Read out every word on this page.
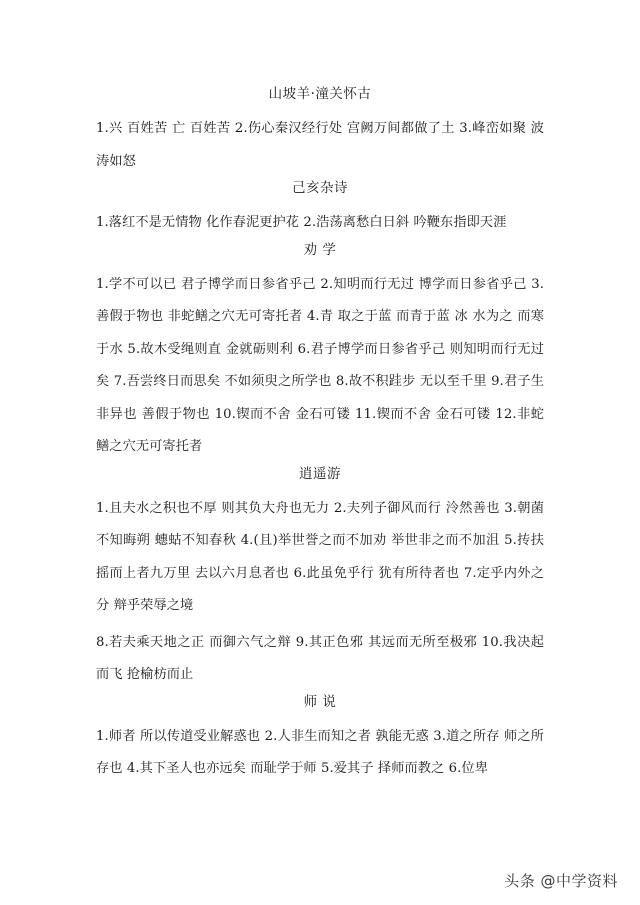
山坡羊·潼关怀古

1.兴 百姓苦 亡 百姓苦 2.伤心秦汉经行处 宫阙万间都做了土 3.峰峦如聚 波涛如怒

己亥杂诗

1.落红不是无情物 化作春泥更护花 2.浩荡离愁白日斜 吟鞭东指即天涯

劝 学

1.学不可以已 君子博学而日参省乎己 2.知明而行无过 博学而日参省乎己 3.善假于物也 非蛇鳝之穴无可寄托者 4.青 取之于蓝 而青于蓝 冰 水为之 而寒于水 5.故木受绳则直 金就砺则利 6.君子博学而日参省乎己 则知明而行无过矣 7.吾尝终日而思矣 不如须臾之所学也 8.故不积跬步 无以至千里 9.君子生非异也 善假于物也 10.锲而不舍 金石可镂 11.锲而不舍 金石可镂 12.非蛇鳝之穴无可寄托者

逍遥游

1.且夫水之积也不厚 则其负大舟也无力 2.夫列子御风而行 泠然善也 3.朝菌不知晦朔 蟪蛄不知春秋 4.(且)举世誉之而不加劝 举世非之而不加沮 5.抟扶摇而上者九万里 去以六月息者也 6.此虽免乎行 犹有所待者也 7.定乎内外之分 辩乎荣辱之境

8.若夫乘天地之正 而御六气之辩 9.其正色邪 其远而无所至极邪 10.我决起而飞 抢榆枋而止

师 说

1.师者 所以传道受业解惑也 2.人非生而知之者 孰能无惑 3.道之所存 师之所存也 4.其下圣人也亦远矣 而耻学于师 5.爱其子 择师而教之 6.位卑

头条 @中学资料
